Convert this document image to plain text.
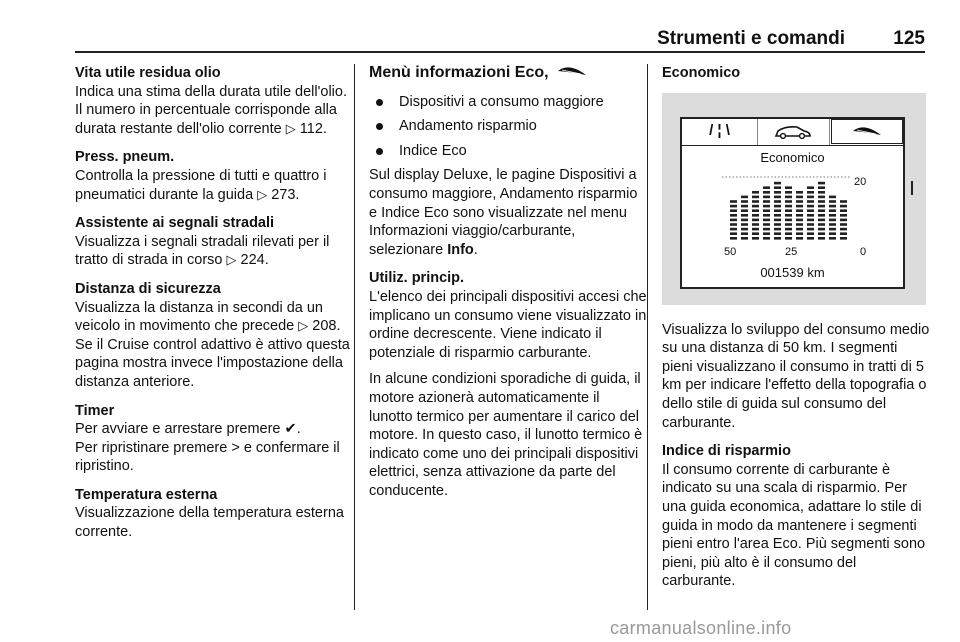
Strumenti e comandi	125
Vita utile residua olio
Indica una stima della durata utile dell'olio. Il numero in percentuale corrisponde alla durata restante dell'olio corrente ▷ 112.
Press. pneum.
Controlla la pressione di tutti e quattro i pneumatici durante la guida ▷ 273.
Assistente ai segnali stradali
Visualizza i segnali stradali rilevati per il tratto di strada in corso ▷ 224.
Distanza di sicurezza
Visualizza la distanza in secondi da un veicolo in movimento che precede ▷ 208. Se il Cruise control adattivo è attivo questa pagina mostra invece l'impostazione della distanza anteriore.
Timer
Per avviare e arrestare premere ✔.
Per ripristinare premere > e confermare il ripristino.
Temperatura esterna
Visualizzazione della temperatura esterna corrente.
Menù informazioni Eco,
Dispositivi a consumo maggiore
Andamento risparmio
Indice Eco
Sul display Deluxe, le pagine Dispositivi a consumo maggiore, Andamento risparmio e Indice Eco sono visualizzate nel menu Informazioni viaggio/carburante, selezionare Info.
Utiliz. princip.
L'elenco dei principali dispositivi accesi che implicano un consumo viene visualizzato in ordine decrescente. Viene indicato il potenziale di risparmio carburante.
In alcune condizioni sporadiche di guida, il motore azionerà automaticamente il lunotto termico per aumentare il carico del motore. In questo caso, il lunotto termico è indicato come uno dei principali dispositivi elettrici, senza attivazione da parte del conducente.
Economico
/ ¦ \
Economico
20
50	25	0
001539 km
Visualizza lo sviluppo del consumo medio su una distanza di 50 km. I segmenti pieni visualizzano il consumo in tratti di 5 km per indicare l'effetto della topografia o dello stile di guida sul consumo del carburante.
Indice di risparmio
Il consumo corrente di carburante è indicato su una scala di risparmio. Per una guida economica, adattare lo stile di guida in modo da mantenere i segmenti pieni entro l'area Eco. Più segmenti sono pieni, più alto è il consumo del carburante.
carmanualsonline.info
